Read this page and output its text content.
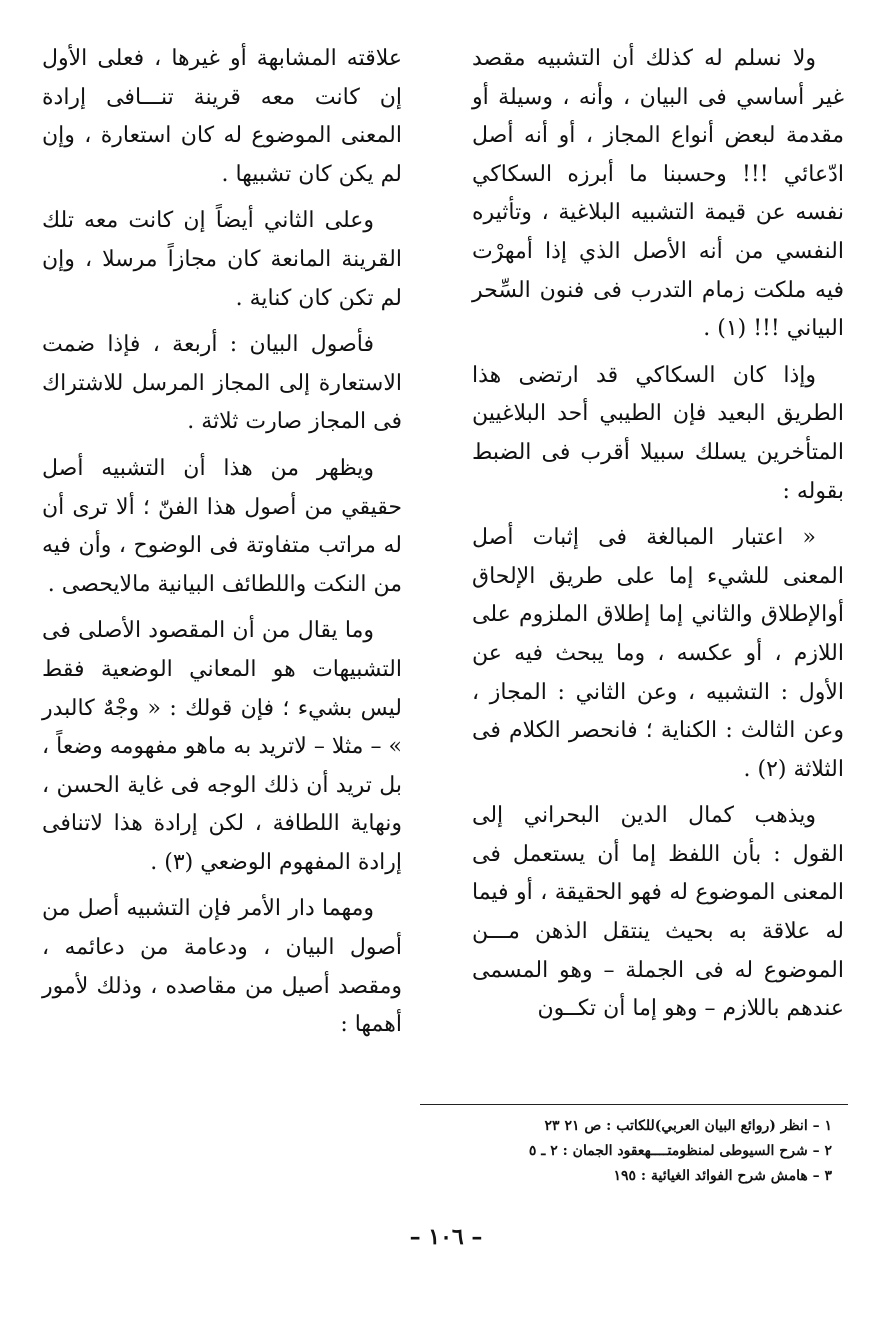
ولا نسلم له كذلك أن التشبيه مقصد غير أساسي فى البيان ، وأنه ، وسيلة أو مقدمة لبعض أنواع المجاز ، أو أنه أصل ادّعائي !!! وحسبنا ما أبرزه السكاكي نفسه عن قيمة التشبيه البلاغية ، وتأثيره النفسي من أنه الأصل الذي إذا أمهرْت فيه ملكت زمام التدرب فى فنون السِّحر البياني !!! (١) .

وإذا كان السكاكي قد ارتضى هذا الطريق البعيد فإن الطيبي أحد البلاغيين المتأخرين يسلك سبيلا أقرب فى الضبط بقوله :

« اعتبار المبالغة فى إثبات أصل المعنى للشيء إما على طريق الإلحاق أوالإطلاق والثاني إما إطلاق الملزوم على اللازم ، أو عكسه ، وما يبحث فيه عن الأول : التشبيه ، وعن الثاني : المجاز ، وعن الثالث : الكناية ؛ فانحصر الكلام فى الثلاثة (٢) .

ويذهب كمال الدين البحراني إلى القول : بأن اللفظ إما أن يستعمل فى المعنى الموضوع له فهو الحقيقة ، أو فيما له علاقة به بحيث ينتقل الذهن مـــن الموضوع له فى الجملة – وهو المسمى عندهم باللازم – وهو إما أن تكــون

علاقته المشابهة أو غيرها ، فعلى الأول إن كانت معه قرينة تنـــافى إرادة المعنى الموضوع له كان استعارة ، وإن لم يكن كان تشبيها .

وعلى الثاني أيضاً إن كانت معه تلك القرينة المانعة كان مجازاً مرسلا ، وإن لم تكن كان كناية .

فأصول البيان : أربعة ، فإذا ضمت الاستعارة إلى المجاز المرسل للاشتراك فى المجاز صارت ثلاثة .

ويظهر من هذا أن التشبيه أصل حقيقي من أصول هذا الفنّ ؛ ألا ترى أن له مراتب متفاوتة فى الوضوح ، وأن فيه من النكت واللطائف البيانية مالايحصى .

وما يقال من أن المقصود الأصلى فى التشبيهات هو المعاني الوضعية فقط ليس بشيء ؛ فإن قولك : « وجْهٌ كالبدر » – مثلا – لاتريد به ماهو مفهومه وضعاً ، بل تريد أن ذلك الوجه فى غاية الحسن ، ونهاية اللطافة ، لكن إرادة هذا لاتنافى إرادة المفهوم الوضعي (٣) .

ومهما دار الأمر فإن التشبيه أصل من أصول البيان ، ودعامة من دعائمه ، ومقصد أصيل من مقاصده ، وذلك لأمور أهمها :

١ – انظر (روائع البيان العربي)للكاتب : ص ٢١ ٢٣

٢ – شرح السيوطى لمنظومتــــهعقود الجمان : ٢ ـ ٥

٣ – هامش شرح الفوائد الغيائية : ١٩٥

– ١٠٦ –
